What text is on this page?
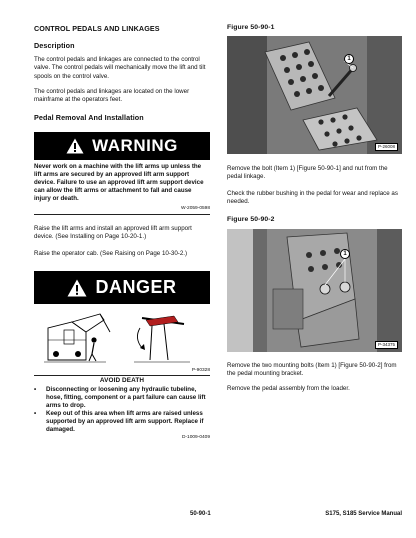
CONTROL PEDALS AND LINKAGES
Description
The control pedals and linkages are connected to the control valve. The control pedals will mechanically move the lift and tilt spools on the control valve.
The control pedals and linkages are located on the lower mainframe at the operators feet.
Pedal Removal And Installation
WARNING
Never work on a machine with the lift arms up unless the lift arms are secured by an approved lift arm support device. Failure to use an approved lift arm support device can allow the lift arms or attachment to fall and cause injury or death.
W-2059-0598
Raise the lift arms and install an approved lift arm support device. (See Installing on Page 10-20-1.)
Raise the operator cab. (See Raising on Page 10-30-2.)
DANGER
P-90328
AVOID DEATH
• Disconnecting or loosening any hydraulic tubeline, hose, fitting, component or a part failure can cause lift arms to drop.
• Keep out of this area when lift arms are raised unless supported by an approved lift arm support. Replace if damaged.
D-1009-0409
Figure 50-90-1
1
P-26008
Remove the bolt (Item 1) [Figure 50-90-1] and nut from the pedal linkage.
Check the rubber bushing in the pedal for wear and replace as needed.
Figure 50-90-2
1
P-34375
Remove the two mounting bolts (Item 1) [Figure 50-90-2] from the pedal mounting bracket.
Remove the pedal assembly from the loader.
50-90-1	S175, S185 Service Manual
